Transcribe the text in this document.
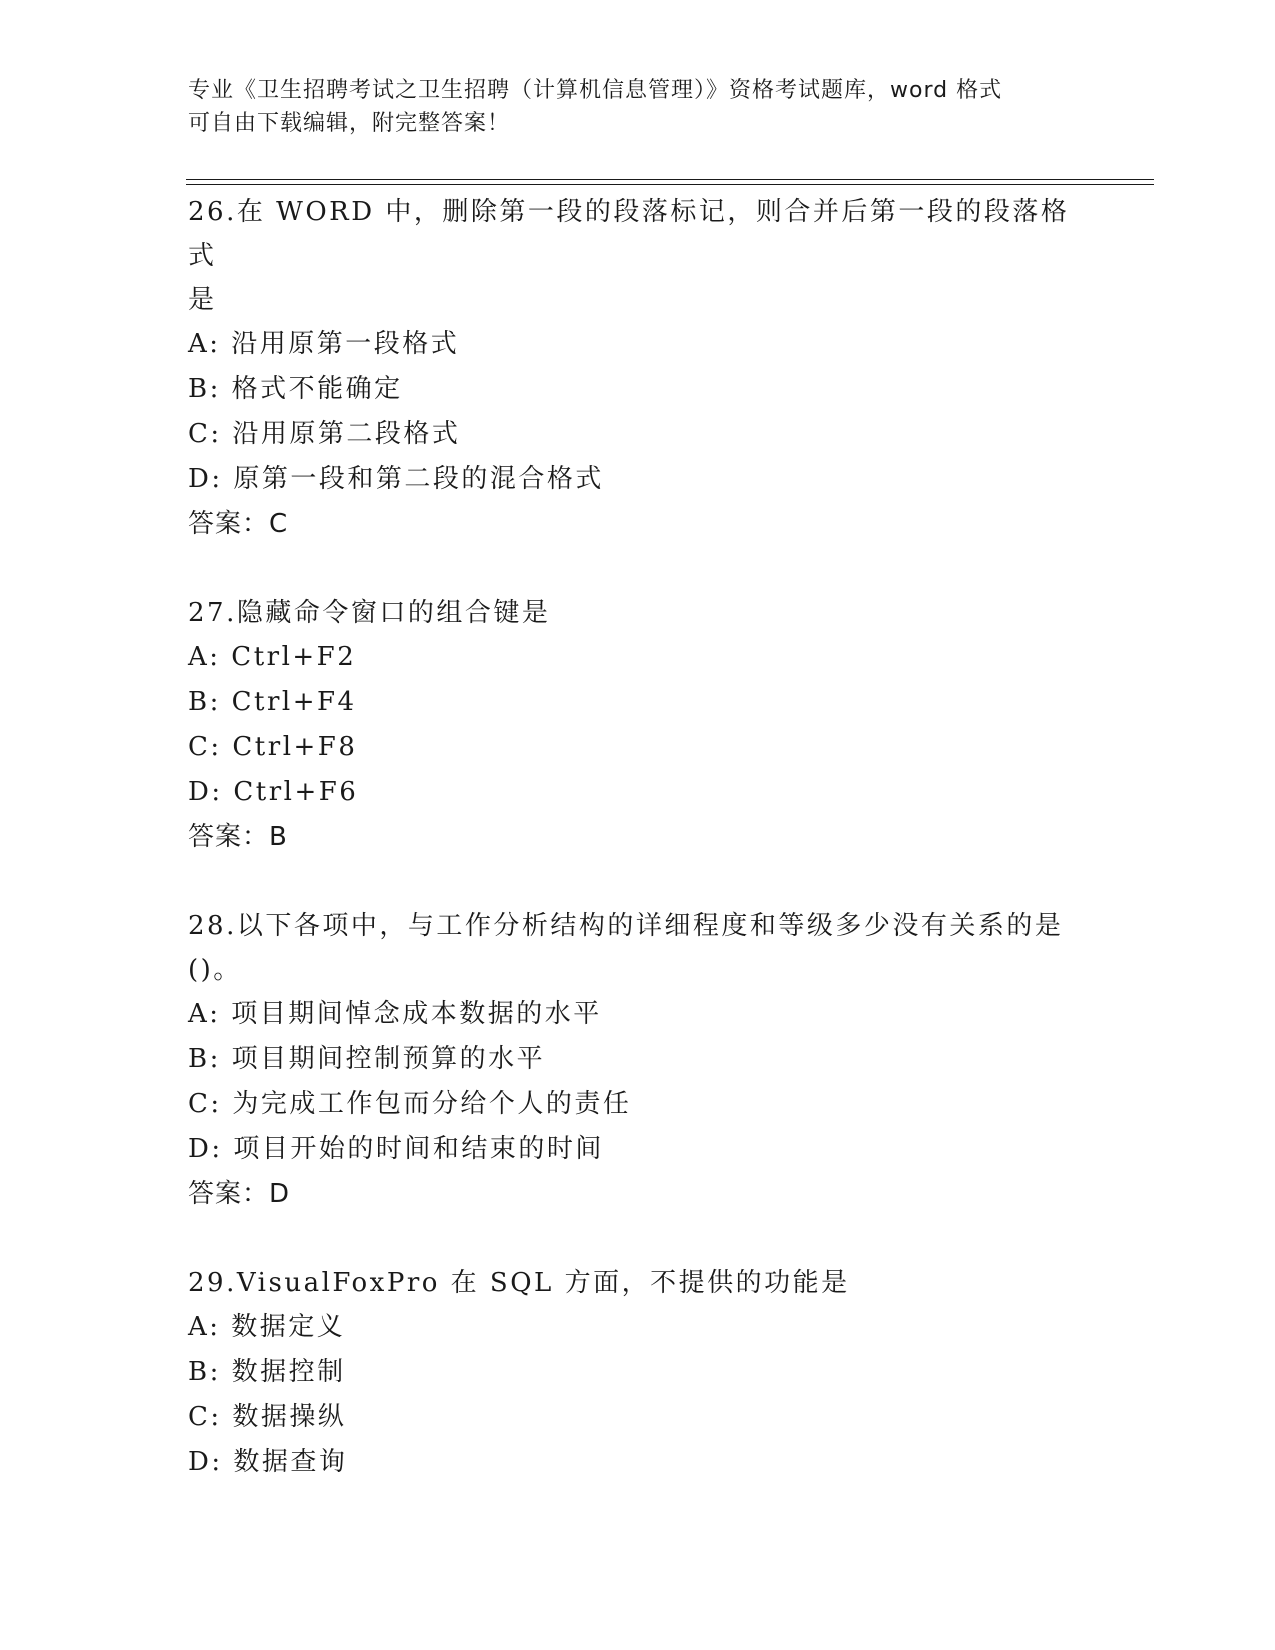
专业《卫生招聘考试之卫生招聘（计算机信息管理）》资格考试题库，word 格式
可自由下载编辑，附完整答案！

26.在 WORD 中，删除第一段的段落标记，则合并后第一段的段落格式
是

A: 沿用原第一段格式

B: 格式不能确定

C: 沿用原第二段格式

D: 原第一段和第二段的混合格式

答案：C

27.隐藏命令窗口的组合键是

A: Ctrl+F2

B: Ctrl+F4

C: Ctrl+F8

D: Ctrl+F6

答案：B

28.以下各项中，与工作分析结构的详细程度和等级多少没有关系的是
()。

A: 项目期间悼念成本数据的水平

B: 项目期间控制预算的水平

C: 为完成工作包而分给个人的责任

D: 项目开始的时间和结束的时间

答案：D

29.VisualFoxPro 在 SQL 方面，不提供的功能是

A: 数据定义

B: 数据控制

C: 数据操纵

D: 数据查询
